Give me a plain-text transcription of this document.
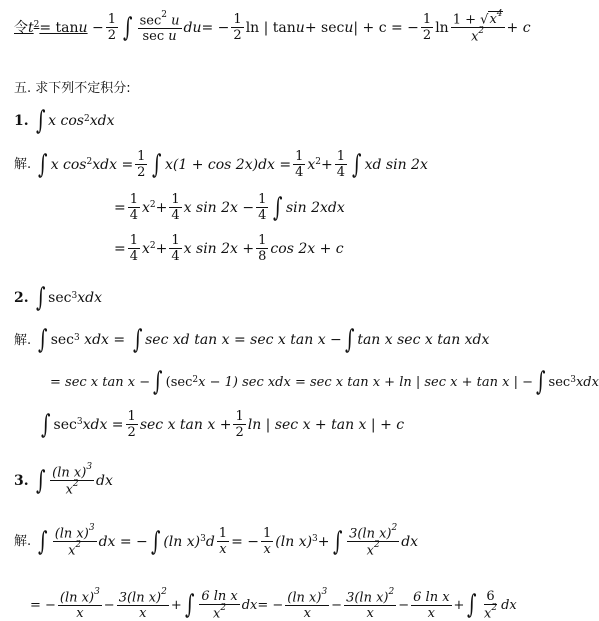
令 $t^2 = \tan u - \frac{1}{2}$ ∫ $\frac{\sec^2 u}{\text{sec u}}$ du = − $\frac{1}{2}$ ln | tan u + sec u | + c = − $\frac{1}{2}$ $\ln \frac{1 + √x^4}{x^2} + c$
五. 求下列不定积分:
1. ∫ x $\cos^2$ xdx
解. ∫ x $\cos^2$ xdx = $\frac{1}{2}$ ∫ $x(1 + \cos 2x)dx = \frac{1}{4} x^2 + \frac{1}{4}$ ∫ xd sin 2x
= $\frac{1}{4} x^2 + \frac{1}{4}$ x $\sin 2x - \frac{1}{4}$ ∫ sin 2xdx
= $\frac{1}{4} x^2 + \frac{1}{4}$ x $\sin 2x + \frac{1}{8}$ cos 2x + c
2. ∫ $\sec^3$ xdx
解. ∫ $\sec^3$ xdx = ∫ sec xd tan x = sec x tan x − ∫ tan x sec x tan xdx
= sec x tan x − ∫ ($\sec^2$ x − 1) sec xdx = sec x tan x + ln | sec x + tan x | − ∫ $\sec^3$ xdx
∫ $\sec^3$ xdx = $\frac{1}{2}$ sec x $\tan x + \frac{1}{2}$ ln | sec x + tan x | + c
3. ∫ $\frac{(\ln x)^3}{x^2}$ dx
解. ∫ $\frac{(\ln x)^3}{x^2}$ dx = − ∫ (ln x)$^3$ d $\frac{1}{x}$ = − $\frac{1}{x} (\ln$ x)$^3$ + ∫ $\frac{3(\ln x)^2}{x^2}$ dx
= − $\frac{(\ln x)^3}{x} - \frac{3(\ln x)^2}{x}$ + ∫ $\frac{\text{6 ln x}}{x^2}$ dx = − $\frac{(\ln x)^3}{x} - \frac{3(\ln x)^2}{x} - \frac{\text{6 ln x}}{x}$ + ∫ $\frac{6}{x^2}$ dx
